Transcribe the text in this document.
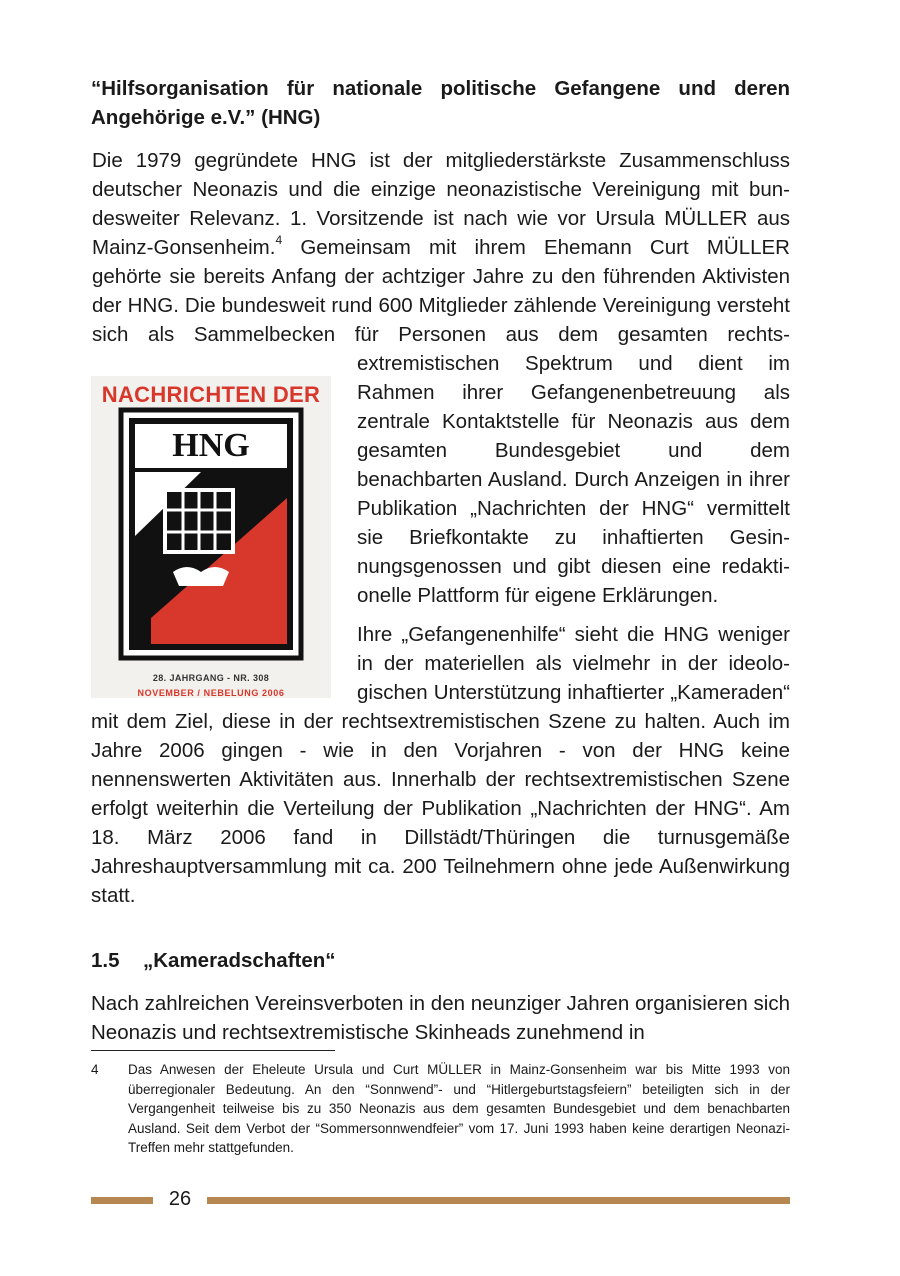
“Hilfsorganisation für nationale politische Gefangene und deren Angehörige e.V.” (HNG)

NACHRICHTEN DER
HNG
28. JAHRGANG - NR. 308
NOVEMBER / NEBELUNG 2006
Die 1979 gegründete HNG ist der mitgliederstärkste Zusammenschluss deutscher Neonazis und die einzige neonazistische Vereinigung mit bundesweiter Relevanz. 1. Vorsitzende ist nach wie vor Ursula MÜLLER aus Mainz-Gonsenheim.$^4$ Gemeinsam mit ihrem Ehemann Curt MÜLLER gehörte sie bereits Anfang der achtziger Jahre zu den führenden Aktivisten der HNG. Die bundesweit rund 600 Mitglieder zählende Vereinigung versteht sich als Sammelbecken für Personen aus dem gesamten rechtsextremistischen Spektrum und dient im Rahmen ihrer Gefangenenbetreuung als zentrale Kontaktstelle für Neonazis aus dem gesamten Bundesgebiet und dem benachbarten Ausland. Durch Anzeigen in ihrer Publikation „Nachrichten der HNG“ vermittelt sie Briefkontakte zu inhaftierten Gesinnungsgenossen und gibt diesen eine redaktionelle Plattform für eigene Erklärungen.

Ihre „Gefangenenhilfe“ sieht die HNG weniger in der materiellen als vielmehr in der ideologischen Unterstützung inhaftierter „Kameraden“ mit dem Ziel, diese in der rechtsextremistischen Szene zu halten. Auch im Jahre 2006 gingen - wie in den Vorjahren - von der HNG keine nennenswerten Aktivitäten aus. Innerhalb der rechtsextremistischen Szene erfolgt weiterhin die Verteilung der Publikation „Nachrichten der HNG“. Am 18. März 2006 fand in Dillstädt/Thüringen die turnusgemäße Jahreshauptversammlung mit ca. 200 Teilnehmern ohne jede Außenwirkung statt.

1.5	„Kameradschaften“

Nach zahlreichen Vereinsverboten in den neunziger Jahren organisieren sich Neonazis und rechtsextremistische Skinheads zunehmend in

4	Das Anwesen der Eheleute Ursula und Curt MÜLLER in Mainz-Gonsenheim war bis Mitte 1993 von überregionaler Bedeutung. An den “Sonnwend”- und “Hitlergeburtstagsfeiern” beteiligten sich in der Vergangenheit teilweise bis zu 350 Neonazis aus dem gesamten Bundesgebiet und dem benachbarten Ausland. Seit dem Verbot der “Sommersonnwendfeier” vom 17. Juni 1993 haben keine derartigen Neonazi-Treffen mehr stattgefunden.
26
